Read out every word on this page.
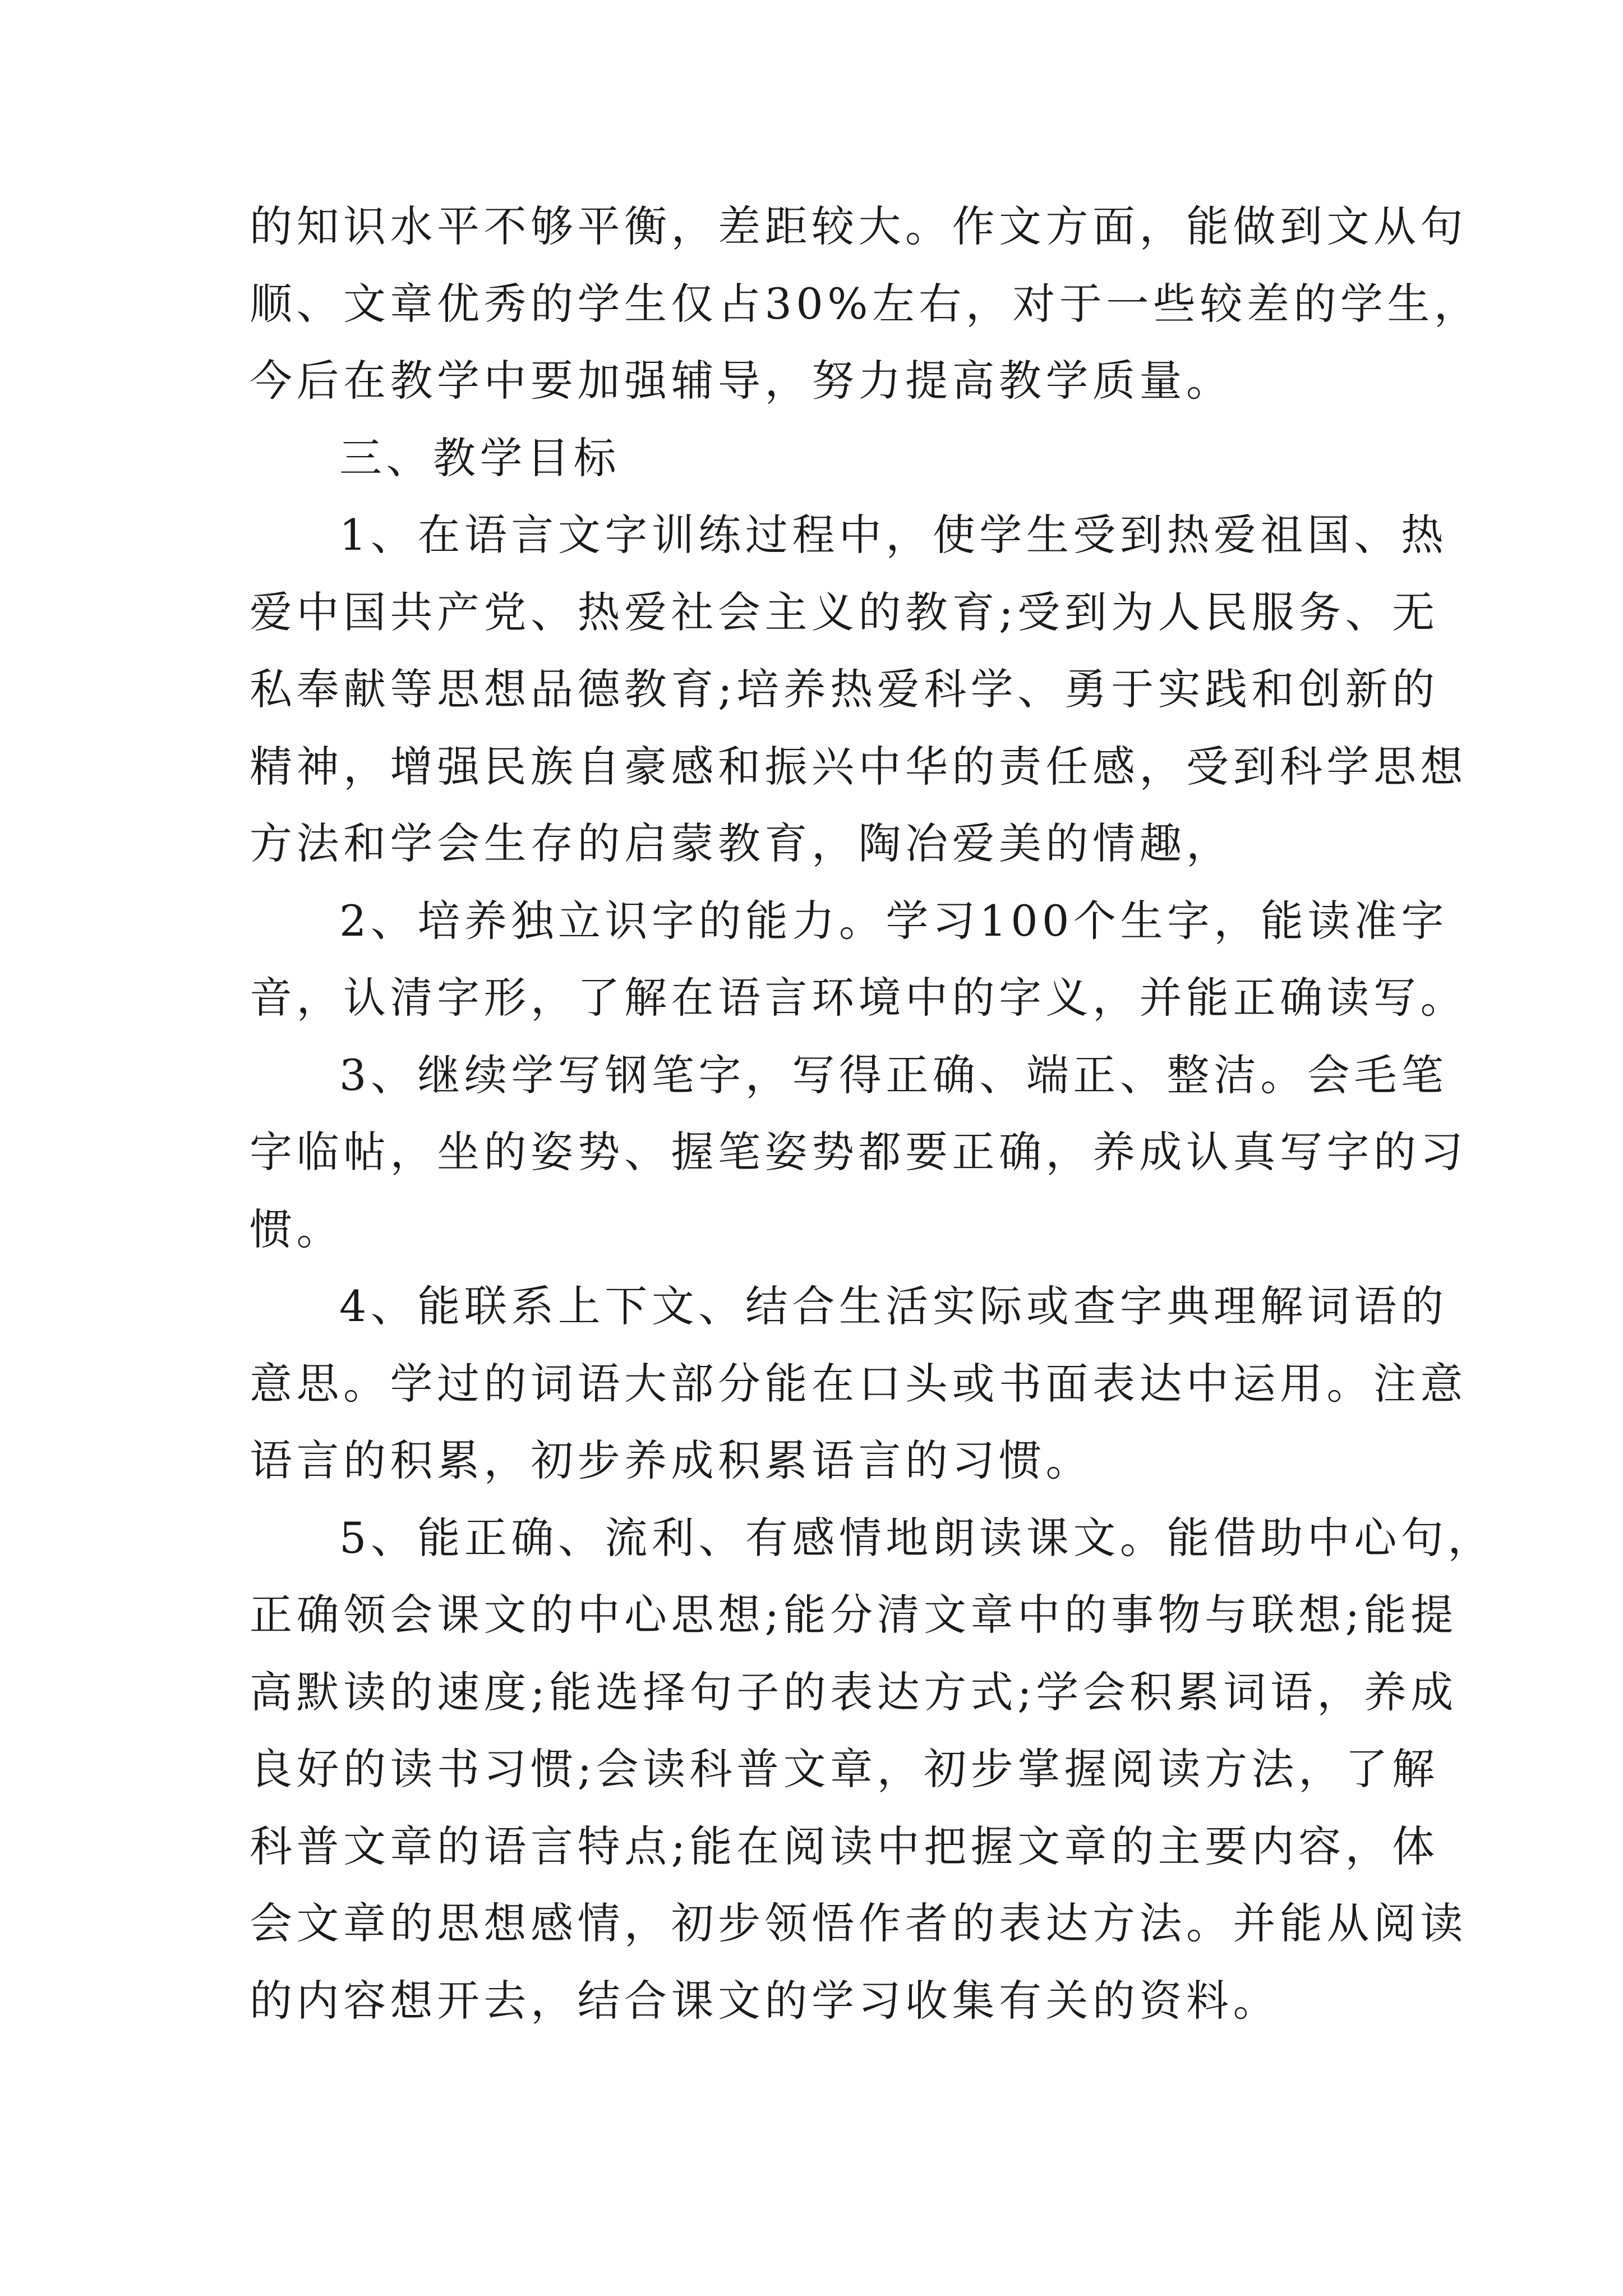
的知识水平不够平衡，差距较大。作文方面，能做到文从句
顺、文章优秀的学生仅占30%左右，对于一些较差的学生，
今后在教学中要加强辅导，努力提高教学质量。
三、教学目标
1、在语言文字训练过程中，使学生受到热爱祖国、热
爱中国共产党、热爱社会主义的教育;受到为人民服务、无
私奉献等思想品德教育;培养热爱科学、勇于实践和创新的
精神，增强民族自豪感和振兴中华的责任感，受到科学思想
方法和学会生存的启蒙教育，陶冶爱美的情趣，
2、培养独立识字的能力。学习100个生字，能读准字
音，认清字形，了解在语言环境中的字义，并能正确读写。
3、继续学写钢笔字，写得正确、端正、整洁。会毛笔
字临帖，坐的姿势、握笔姿势都要正确，养成认真写字的习
惯。
4、能联系上下文、结合生活实际或查字典理解词语的
意思。学过的词语大部分能在口头或书面表达中运用。注意
语言的积累，初步养成积累语言的习惯。
5、能正确、流利、有感情地朗读课文。能借助中心句，
正确领会课文的中心思想;能分清文章中的事物与联想;能提
高默读的速度;能选择句子的表达方式;学会积累词语，养成
良好的读书习惯;会读科普文章，初步掌握阅读方法，了解
科普文章的语言特点;能在阅读中把握文章的主要内容，体
会文章的思想感情，初步领悟作者的表达方法。并能从阅读
的内容想开去，结合课文的学习收集有关的资料。
